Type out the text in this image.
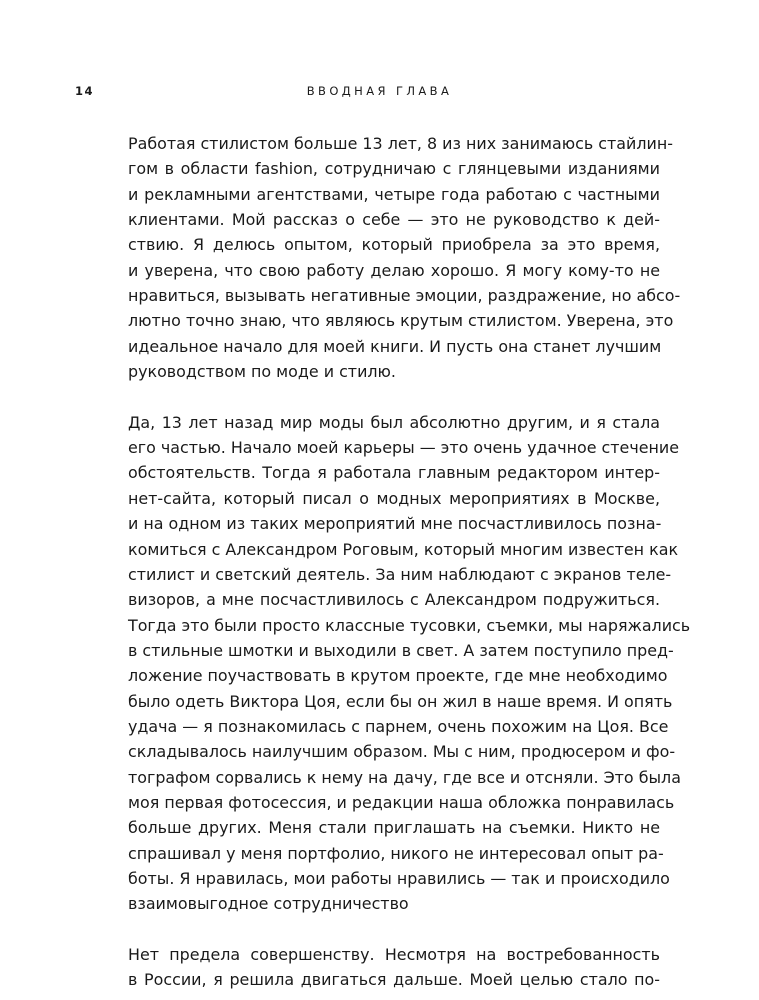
14	ВВОДНАЯ ГЛАВА

Работая стилистом больше 13 лет, 8 из них занимаюсь стайлин-
гом в области fashion, сотрудничаю с глянцевыми изданиями
и рекламными агентствами, четыре года работаю с частными
клиентами. Мой рассказ о себе — это не руководство к дей-
ствию. Я делюсь опытом, который приобрела за это время,
и уверена, что свою работу делаю хорошо. Я могу кому-то не
нравиться, вызывать негативные эмоции, раздражение, но абсо-
лютно точно знаю, что являюсь крутым стилистом. Уверена, это
идеальное начало для моей книги. И пусть она станет лучшим
руководством по моде и стилю.
Да, 13 лет назад мир моды был абсолютно другим, и я стала
его частью. Начало моей карьеры — это очень удачное стечение
обстоятельств. Тогда я работала главным редактором интер-
нет-сайта, который писал о модных мероприятиях в Москве,
и на одном из таких мероприятий мне посчастливилось позна-
комиться с Александром Роговым, который многим известен как
стилист и светский деятель. За ним наблюдают с экранов теле-
визоров, а мне посчастливилось с Александром подружиться.
Тогда это были просто классные тусовки, съемки, мы наряжались
в стильные шмотки и выходили в свет. А затем поступило пред-
ложение поучаствовать в крутом проекте, где мне необходимо
было одеть Виктора Цоя, если бы он жил в наше время. И опять
удача — я познакомилась с парнем, очень похожим на Цоя. Все
складывалось наилучшим образом. Мы с ним, продюсером и фо-
тографом сорвались к нему на дачу, где все и отсняли. Это была
моя первая фотосессия, и редакции наша обложка понравилась
больше других. Меня стали приглашать на съемки. Никто не
спрашивал у меня портфолио, никого не интересовал опыт ра-
боты. Я нравилась, мои работы нравились — так и происходило
взаимовыгодное сотрудничество
Нет предела совершенству. Несмотря на востребованность
в России, я решила двигаться дальше. Моей целью стало по-
